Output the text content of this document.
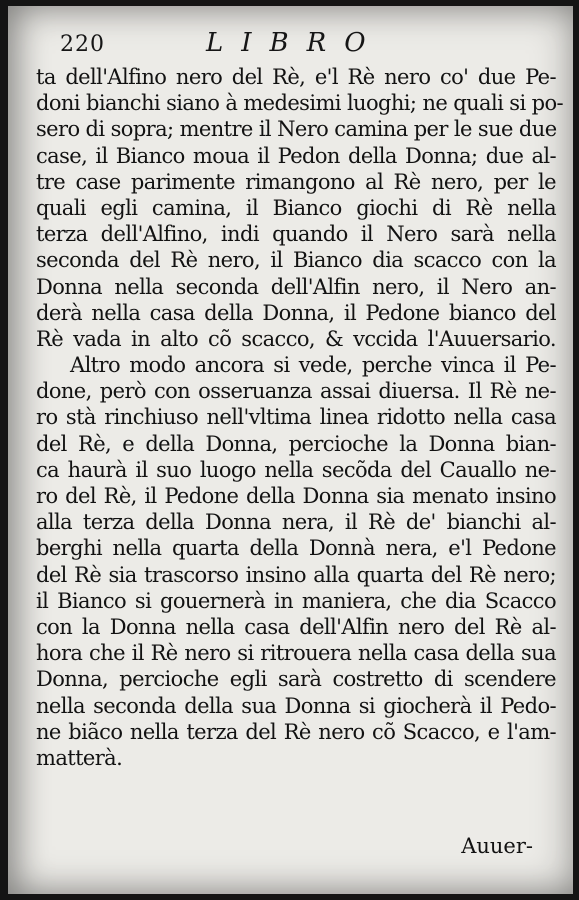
220	LIBRO
ta dell'Alfino nero del Rè, e'l Rè nero co' due Pe-
doni bianchi siano à medesimi luoghi; ne quali si po-
sero di sopra; mentre il Nero camina per le sue due
case, il Bianco moua il Pedon della Donna; due al-
tre case parimente rimangono al Rè nero, per le
quali egli camina, il Bianco giochi di Rè nella
terza dell'Alfino, indi quando il Nero sarà nella
seconda del Rè nero, il Bianco dia scacco con la
Donna nella seconda dell'Alfin nero, il Nero an-
derà nella casa della Donna, il Pedone bianco del
Rè vada in alto cõ scacco, & vccida l'Auuersario.
Altro modo ancora si vede, perche vinca il Pe-
done, però con osseruanza assai diuersa. Il Rè ne-
ro stà rinchiuso nell'vltima linea ridotto nella casa
del Rè, e della Donna, percioche la Donna bian-
ca haurà il suo luogo nella secõda del Cauallo ne-
ro del Rè, il Pedone della Donna sia menato insino
alla terza della Donna nera, il Rè de' bianchi al-
berghi nella quarta della Donnà nera, e'l Pedone
del Rè sia trascorso insino alla quarta del Rè nero;
il Bianco si gouernerà in maniera, che dia Scacco
con la Donna nella casa dell'Alfin nero del Rè al-
hora che il Rè nero si ritrouera nella casa della sua
Donna, percioche egli sarà costretto di scendere
nella seconda della sua Donna si giocherà il Pedo-
ne biãco nella terza del Rè nero cõ Scacco, e l'am-
matterà.
Auuer-
